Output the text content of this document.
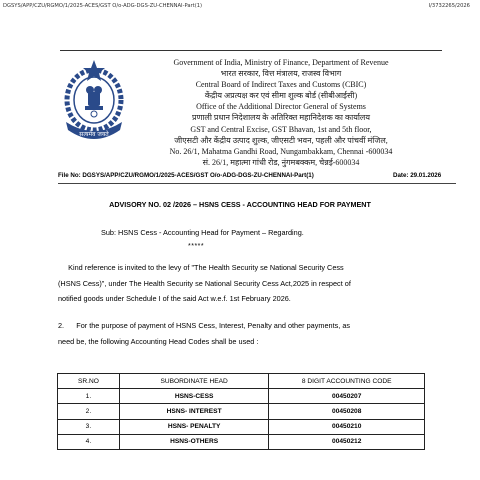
DGSYS/APP/CZU/RGMO/1/2025-ACES/GST O/o-ADG-DGS-ZU-CHENNAI-Part(1)	I/3732265/2026
सत्यमेव जयते
Government of India, Ministry of Finance, Department of Revenue
भारत सरकार, वित्त मंत्रालय, राजस्व विभाग
Central Board of Indirect Taxes and Customs (CBIC)
केंद्रीय अप्रत्यक्ष कर एवं सीमा शुल्क बोर्ड (सीबीआईसी)
Office of the Additional Director General of Systems
प्रणाली प्रधान निदेशालय के अतिरिक्त महानिदेशक का कार्यालय
GST and Central Excise, GST Bhavan, 1st and 5th floor,
जीएसटी और केंद्रीय उत्पाद शुल्क, जीएसटी भवन, पहली और पांचवीं मंजिल,
No. 26/1, Mahatma Gandhi Road, Nungambakkam, Chennai -600034
सं. 26/1, महात्मा गांधी रोड, नुंगमबक्कम, चेन्नई-600034
File No: DGSYS/APP/CZU/RGMO/1/2025-ACES/GST O/o-ADG-DGS-ZU-CHENNAI-Part(1)	Date: 29.01.2026
ADVISORY NO. 02 /2026 – HSNS CESS - ACCOUNTING HEAD FOR PAYMENT
Sub: HSNS Cess - Accounting Head for Payment – Regarding.
*****
Kind reference is invited to the levy of "The Health Security se National Security Cess
(HSNS Cess)", under The Health Security se National Security Cess Act,2025 in respect of
notified goods under Schedule I of the said Act w.e.f. 1st February 2026.
2.      For the purpose of payment of HSNS Cess, Interest, Penalty and other payments, as
need be, the following Accounting Head Codes shall be used :
SR.NO	SUBORDINATE HEAD	8 DIGIT ACCOUNTING CODE
1.	HSNS-CESS	00450207
2.	HSNS- INTEREST	00450208
3.	HSNS- PENALTY	00450210
4.	HSNS-OTHERS	00450212
